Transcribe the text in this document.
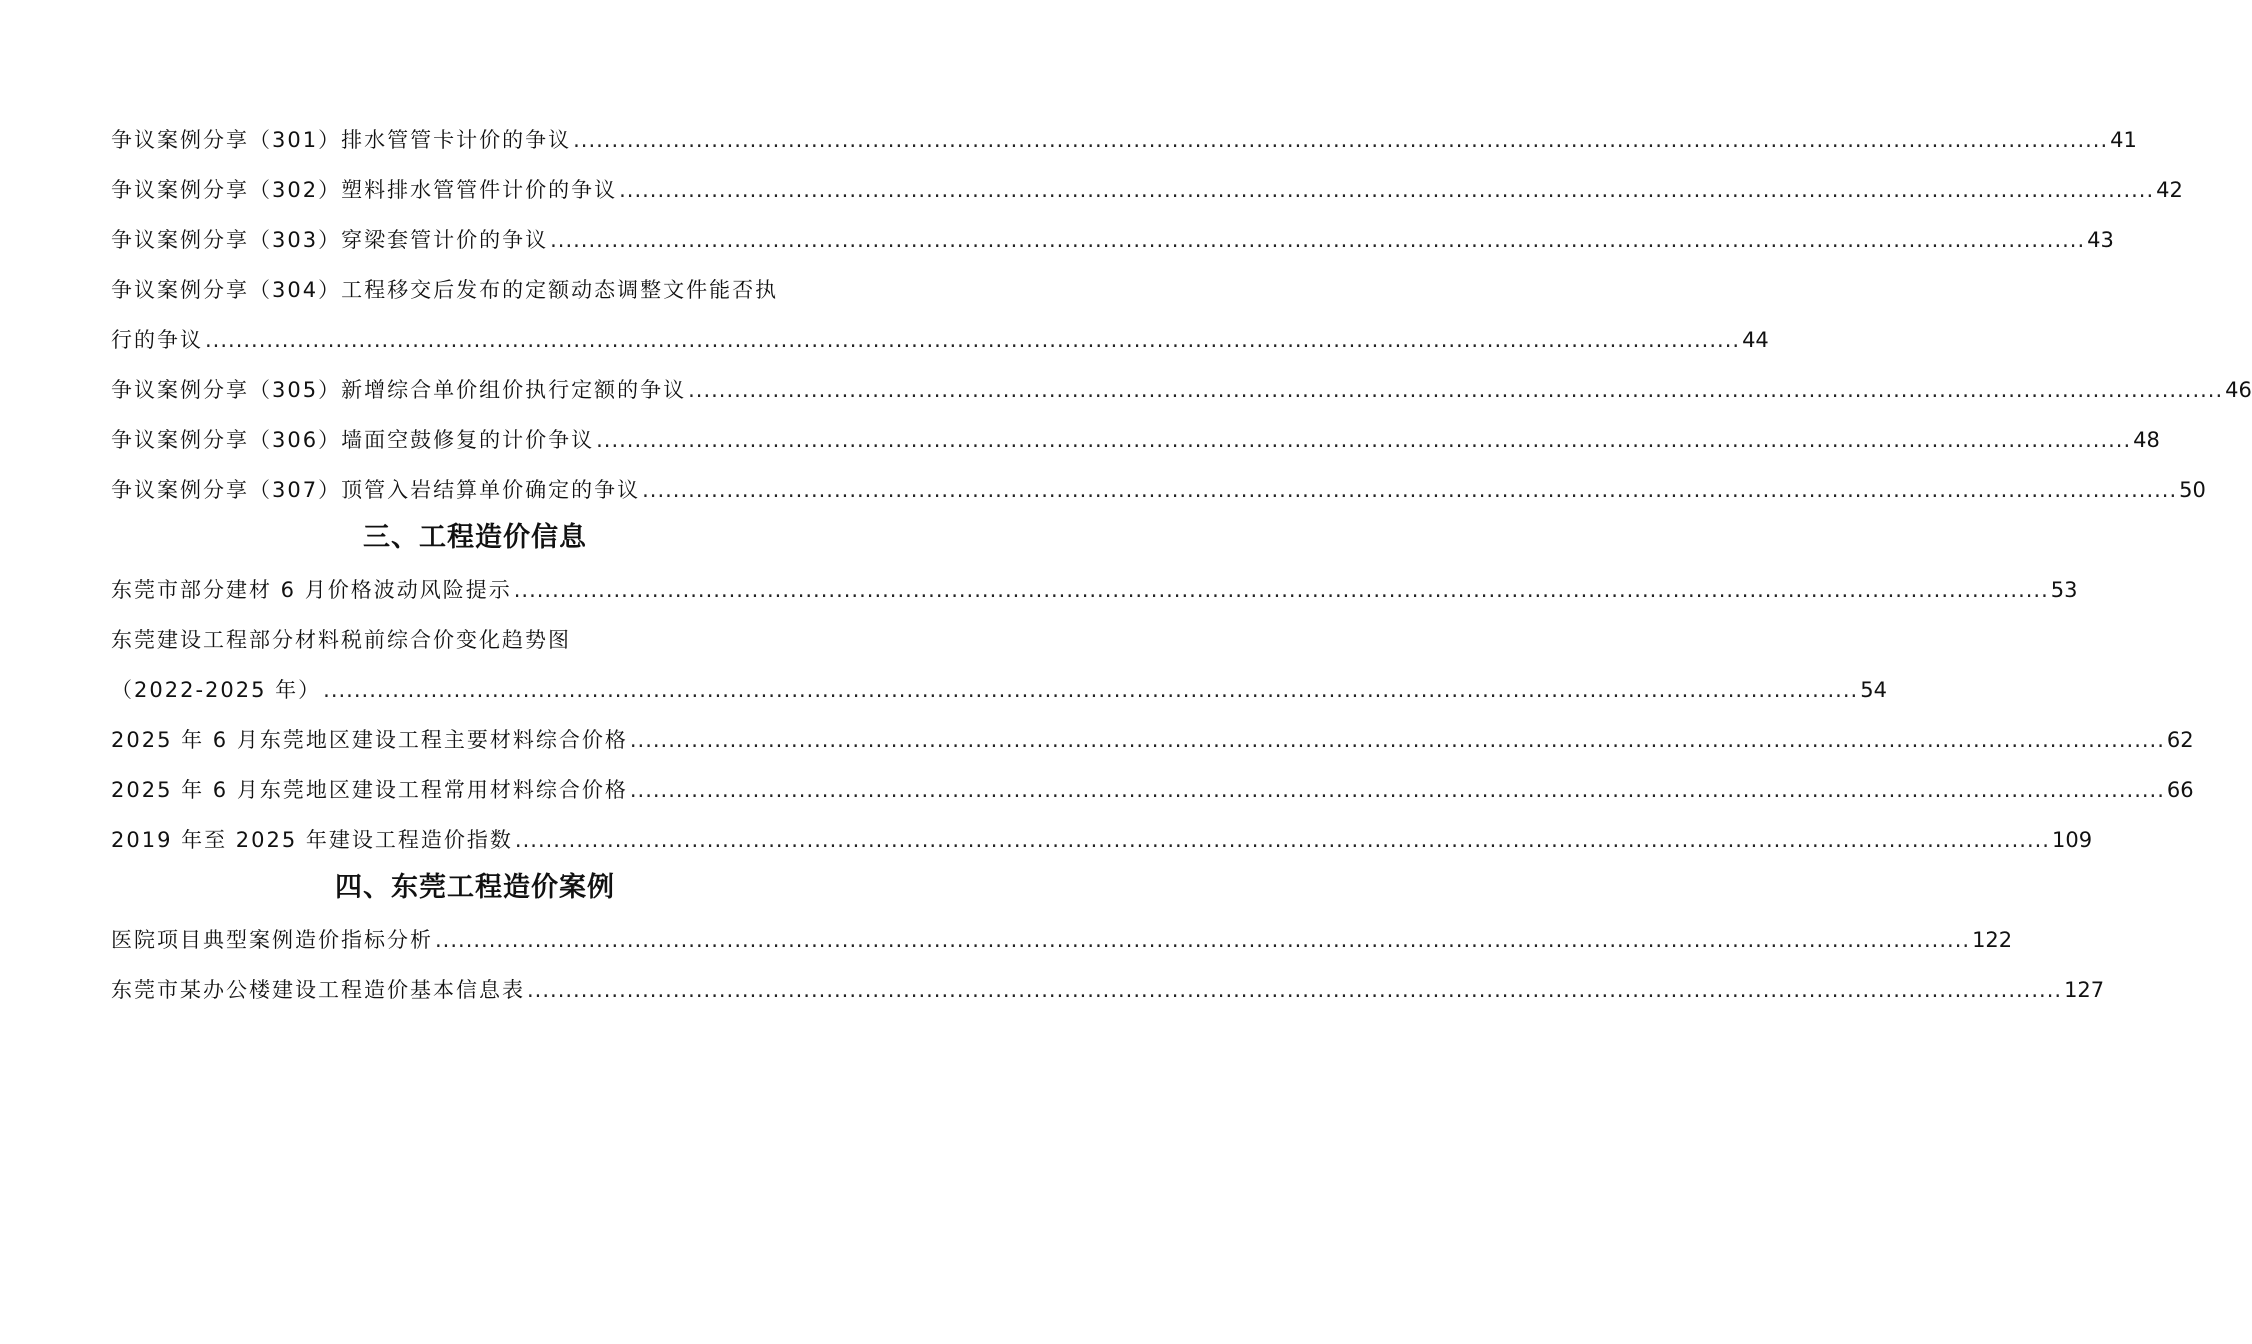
争议案例分享（301）排水管管卡计价的争议 ........................................................................................................................................................................................................ 41
争议案例分享（302）塑料排水管管件计价的争议 ........................................................................................................................................................................................................ 42
争议案例分享（303）穿梁套管计价的争议 ........................................................................................................................................................................................................ 43
争议案例分享（304）工程移交后发布的定额动态调整文件能否执
行的争议 ........................................................................................................................................................................................................ 44
争议案例分享（305）新增综合单价组价执行定额的争议 ........................................................................................................................................................................................................ 46
争议案例分享（306）墙面空鼓修复的计价争议 ........................................................................................................................................................................................................ 48
争议案例分享（307）顶管入岩结算单价确定的争议 ........................................................................................................................................................................................................ 50
三、工程造价信息
东莞市部分建材 6 月价格波动风险提示 ........................................................................................................................................................................................................ 53
东莞建设工程部分材料税前综合价变化趋势图
（2022-2025 年） ........................................................................................................................................................................................................ 54
2025 年 6 月东莞地区建设工程主要材料综合价格 ........................................................................................................................................................................................................ 62
2025 年 6 月东莞地区建设工程常用材料综合价格 ........................................................................................................................................................................................................ 66
2019 年至 2025 年建设工程造价指数 ........................................................................................................................................................................................................ 109
四、东莞工程造价案例
医院项目典型案例造价指标分析 ........................................................................................................................................................................................................ 122
东莞市某办公楼建设工程造价基本信息表 ........................................................................................................................................................................................................ 127
